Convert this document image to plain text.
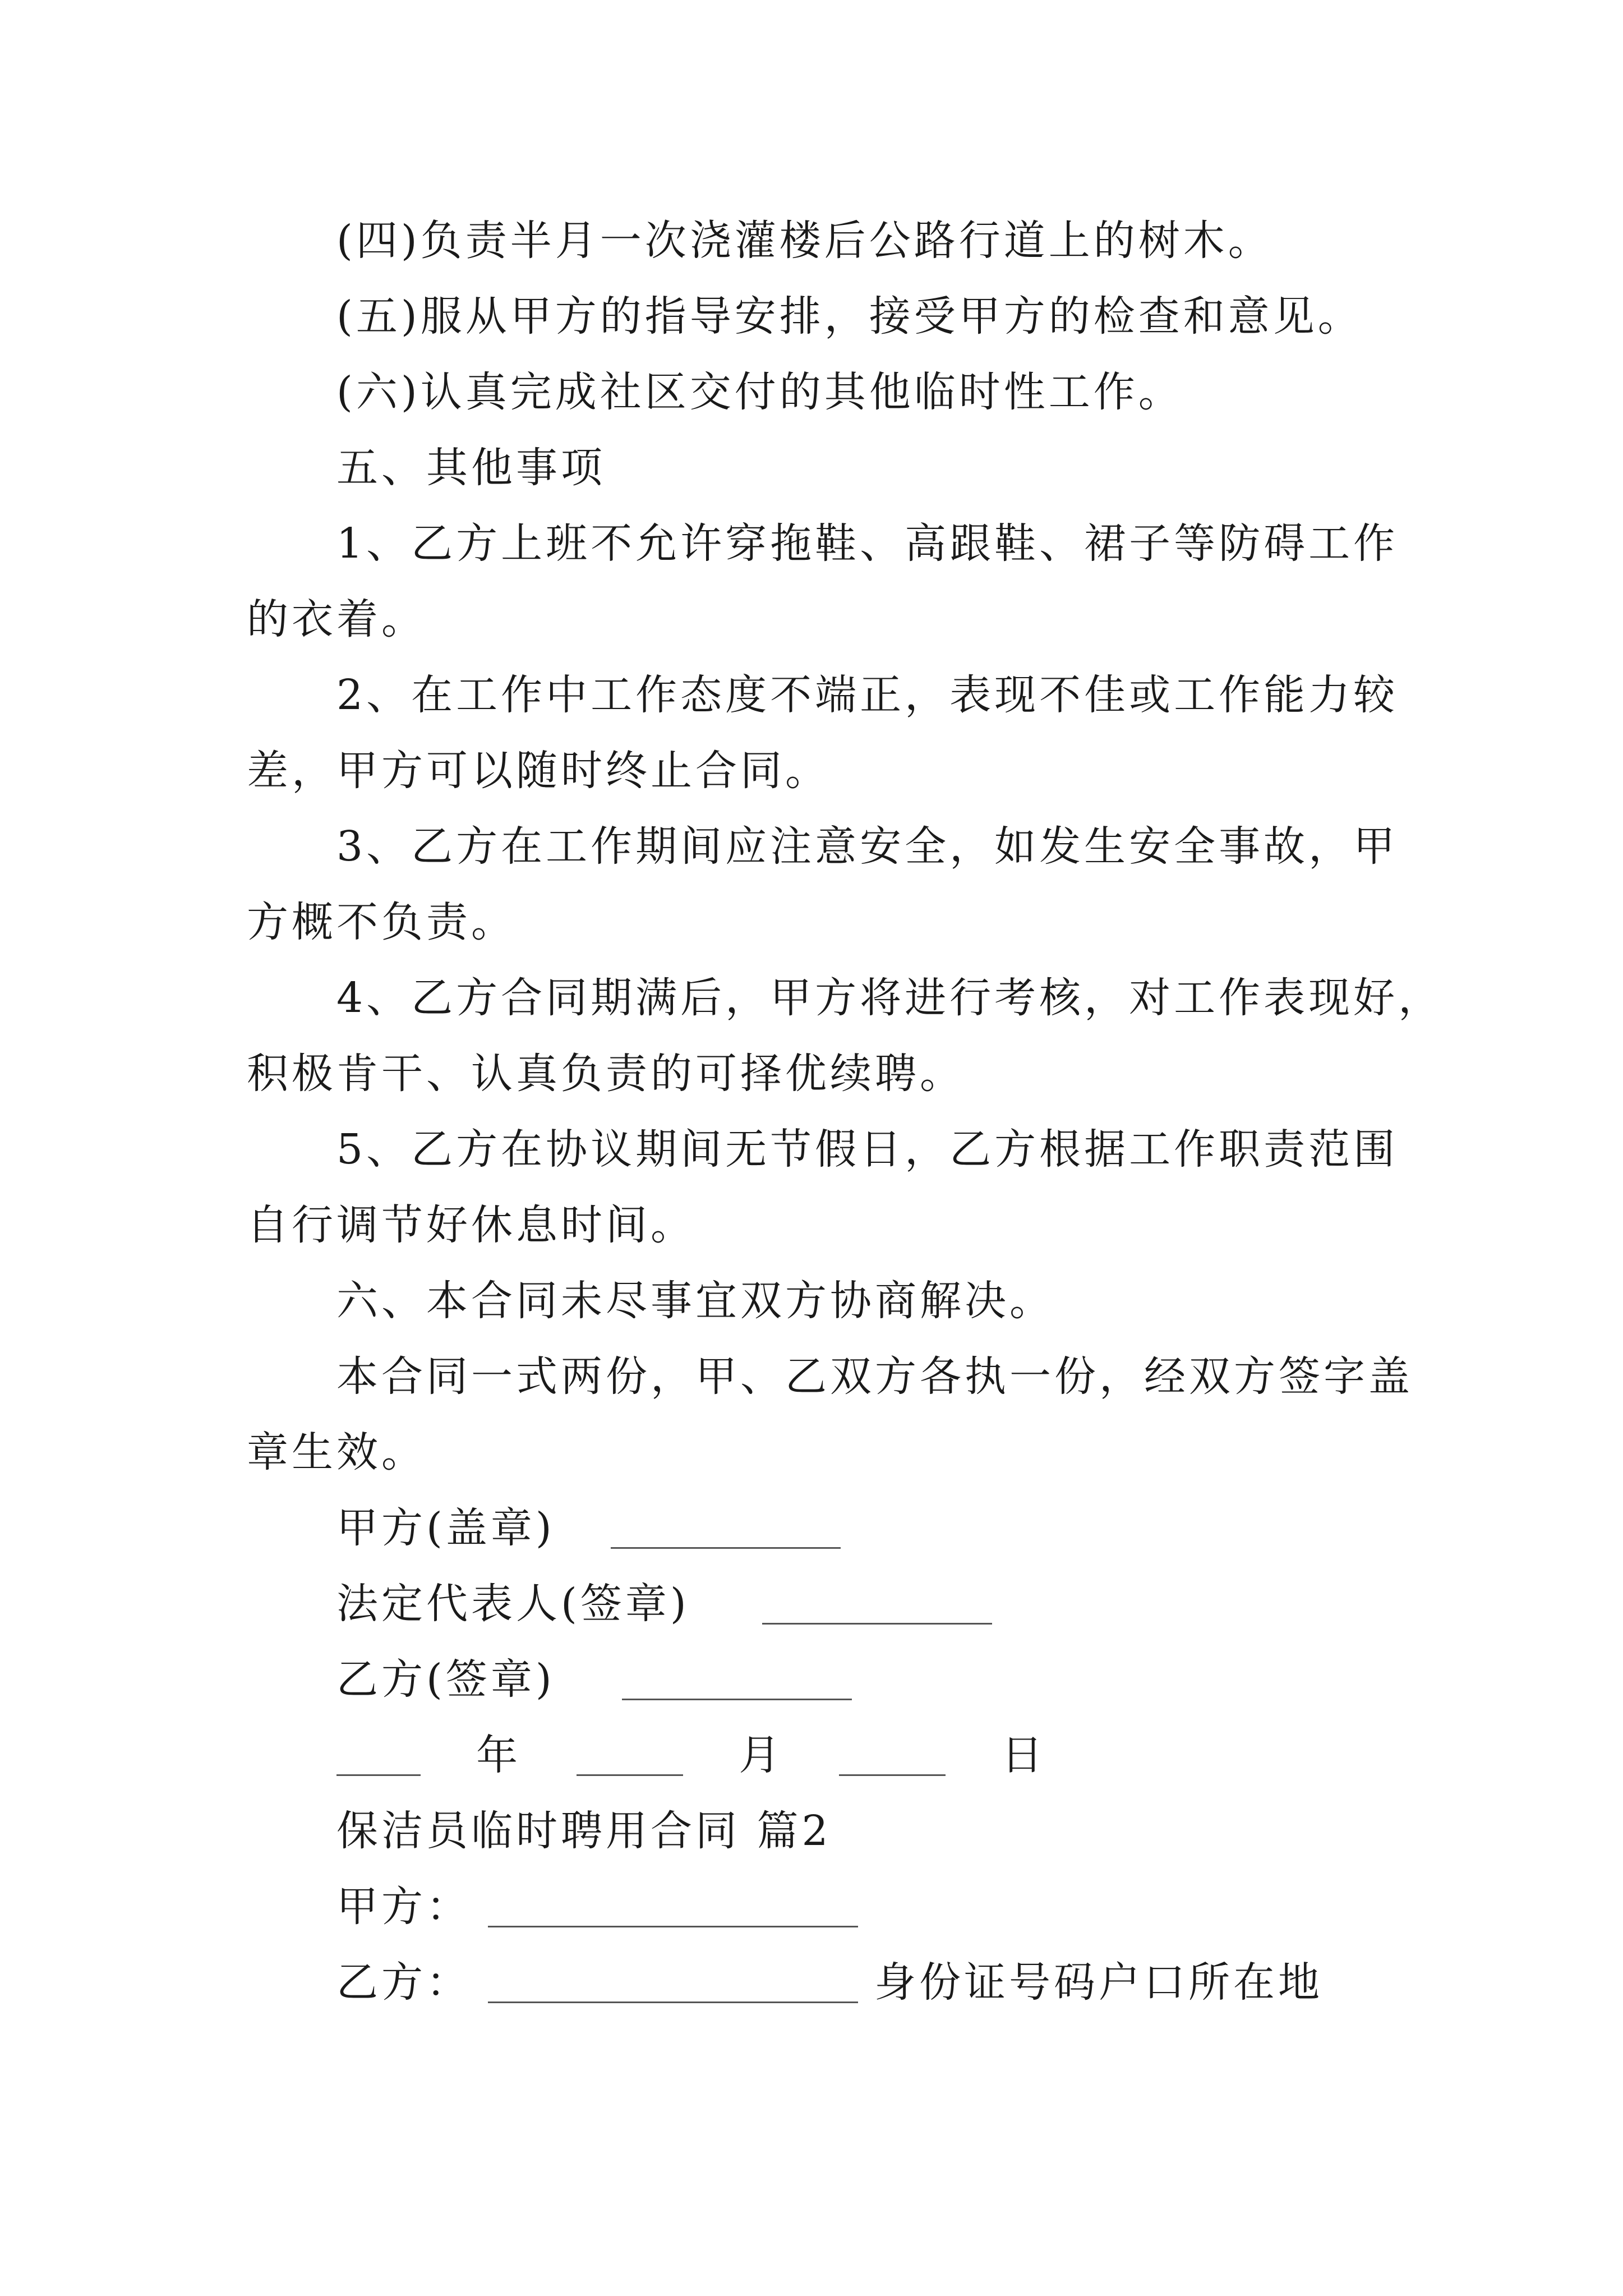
(四)负责半月一次浇灌楼后公路行道上的树木。
(五)服从甲方的指导安排，接受甲方的检查和意见。
(六)认真完成社区交付的其他临时性工作。
五、其他事项
1、乙方上班不允许穿拖鞋、高跟鞋、裙子等防碍工作
的衣着。
2、在工作中工作态度不端正，表现不佳或工作能力较
差，甲方可以随时终止合同。
3、乙方在工作期间应注意安全，如发生安全事故，甲
方概不负责。
4、乙方合同期满后，甲方将进行考核，对工作表现好，
积极肯干、认真负责的可择优续聘。
5、乙方在协议期间无节假日，乙方根据工作职责范围
自行调节好休息时间。
六、本合同未尽事宜双方协商解决。
本合同一式两份，甲、乙双方各执一份，经双方签字盖
章生效。
甲方(盖章)
法定代表人(签章)
乙方(签章)
年	月	日
保洁员临时聘用合同 篇2
甲方：
乙方：	身份证号码户口所在地
